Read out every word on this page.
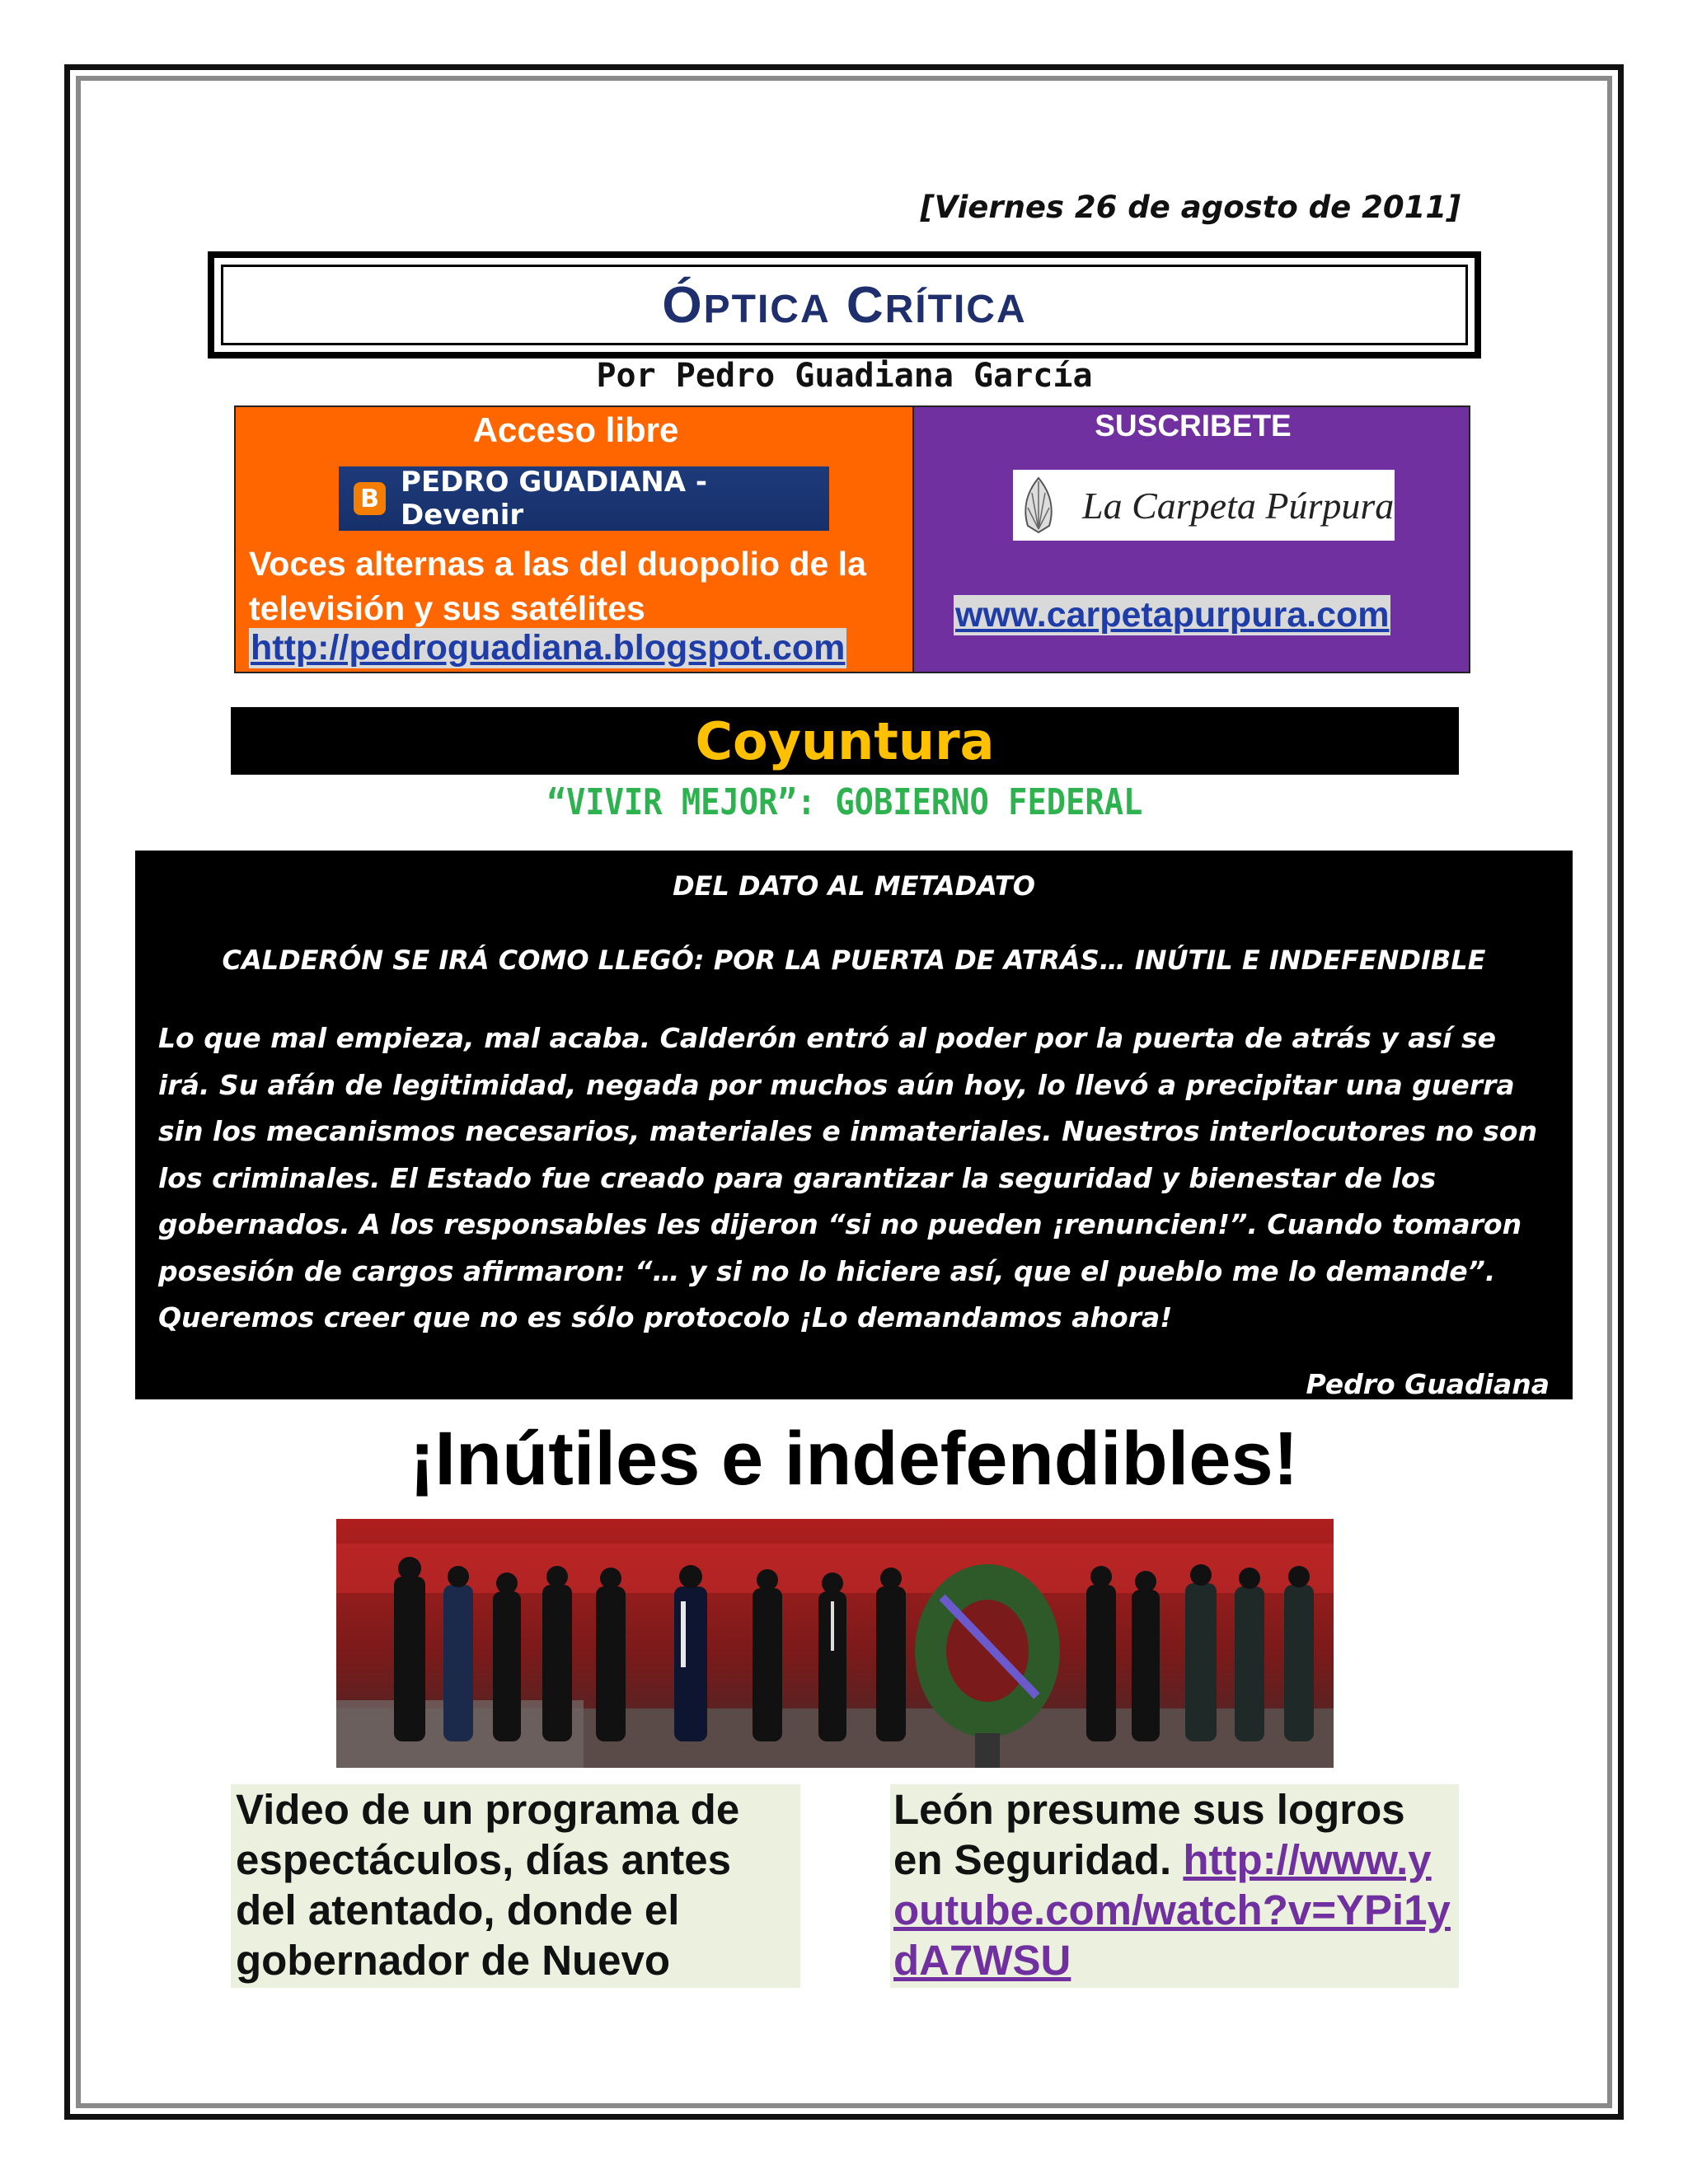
[Viernes 26 de agosto de 2011]
ÓPTICA CRÍTICA
Por Pedro Guadiana García
Acceso libre
B PEDRO GUADIANA - Devenir
Voces alternas a las del duopolio de la televisión y sus satélites
http://pedroguadiana.blogspot.com
SUSCRIBETE
La Carpeta Púrpura
www.carpetapurpura.com
Coyuntura
“VIVIR MEJOR”: GOBIERNO FEDERAL
DEL DATO AL METADATO
CALDERÓN SE IRÁ COMO LLEGÓ: POR LA PUERTA DE ATRÁS… INÚTIL E INDEFENDIBLE
Lo que mal empieza, mal acaba. Calderón entró al poder por la puerta de atrás y así se irá. Su afán de legitimidad, negada por muchos aún hoy, lo llevó a precipitar una guerra sin los mecanismos necesarios, materiales e inmateriales. Nuestros interlocutores no son los criminales. El Estado fue creado para garantizar la seguridad y bienestar de los gobernados. A los responsables les dijeron “si no pueden ¡renuncien!”. Cuando tomaron posesión de cargos afirmaron: “… y si no lo hiciere así, que el pueblo me lo demande”. Queremos creer que no es sólo protocolo ¡Lo demandamos ahora!
Pedro Guadiana
¡Inútiles e indefendibles!
Video de un programa de espectáculos, días antes del atentado, donde el gobernador de Nuevo
León presume sus logros en Seguridad. http://www.youtube.com/watch?v=YPi1ydA7WSU
